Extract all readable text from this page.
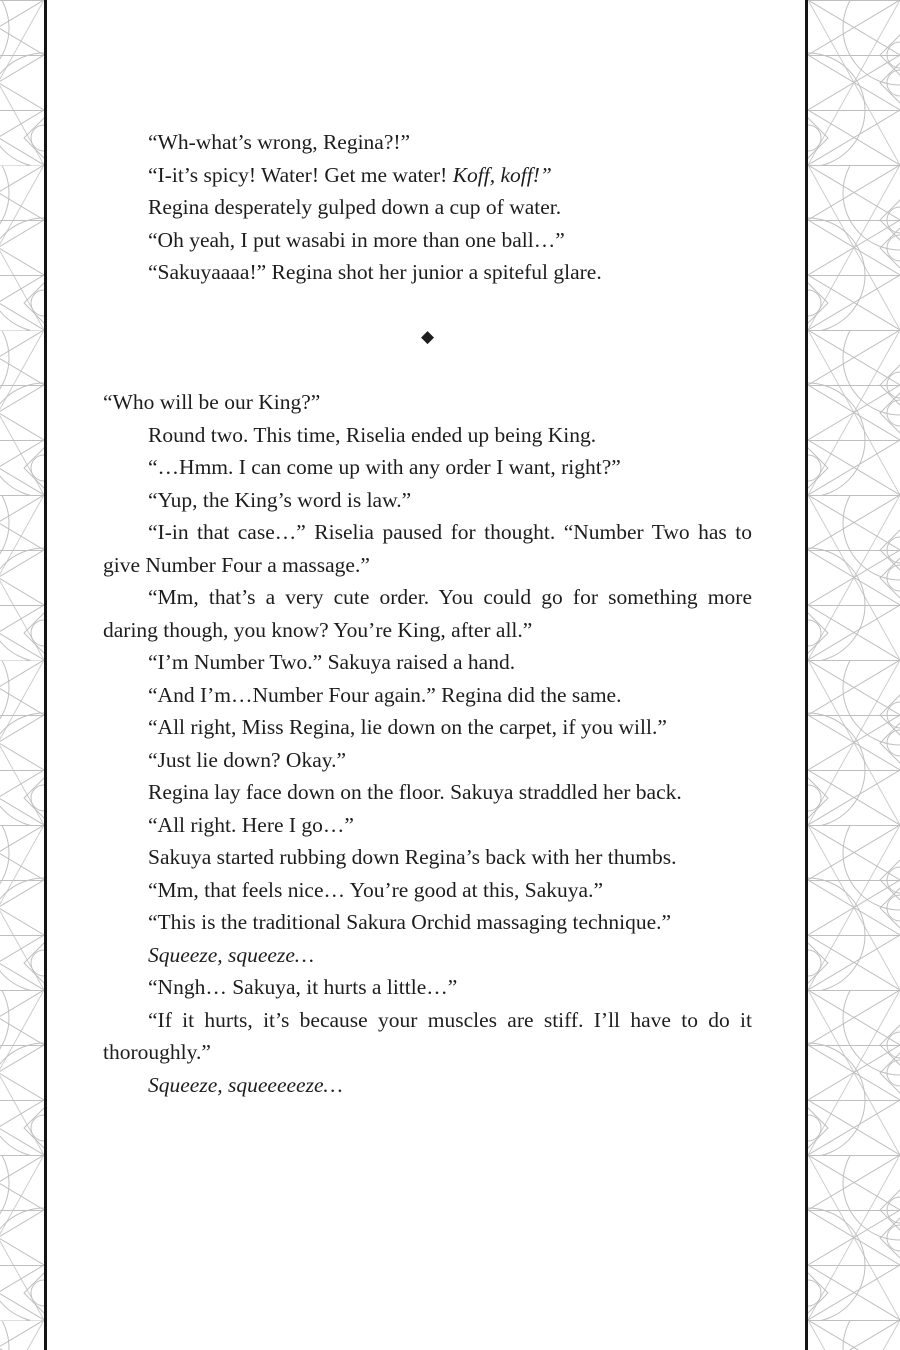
“Wh-what’s wrong, Regina?!”

“I-it’s spicy! Water! Get me water! Koff, koff!”

Regina desperately gulped down a cup of water.

“Oh yeah, I put wasabi in more than one ball…”

“Sakuyaaaa!” Regina shot her junior a spiteful glare.

◆

“Who will be our King?”

Round two. This time, Riselia ended up being King.

“…Hmm. I can come up with any order I want, right?”

“Yup, the King’s word is law.”

“I-in that case…” Riselia paused for thought. “Number Two has to give Number Four a massage.”

“Mm, that’s a very cute order. You could go for something more daring though, you know? You’re King, after all.”

“I’m Number Two.” Sakuya raised a hand.

“And I’m…Number Four again.” Regina did the same.

“All right, Miss Regina, lie down on the carpet, if you will.”

“Just lie down? Okay.”

Regina lay face down on the floor. Sakuya straddled her back.

“All right. Here I go…”

Sakuya started rubbing down Regina’s back with her thumbs.

“Mm, that feels nice… You’re good at this, Sakuya.”

“This is the traditional Sakura Orchid massaging technique.”

Squeeze, squeeze…

“Nngh… Sakuya, it hurts a little…”

“If it hurts, it’s because your muscles are stiff. I’ll have to do it thoroughly.”

Squeeze, squeeeeeze…
